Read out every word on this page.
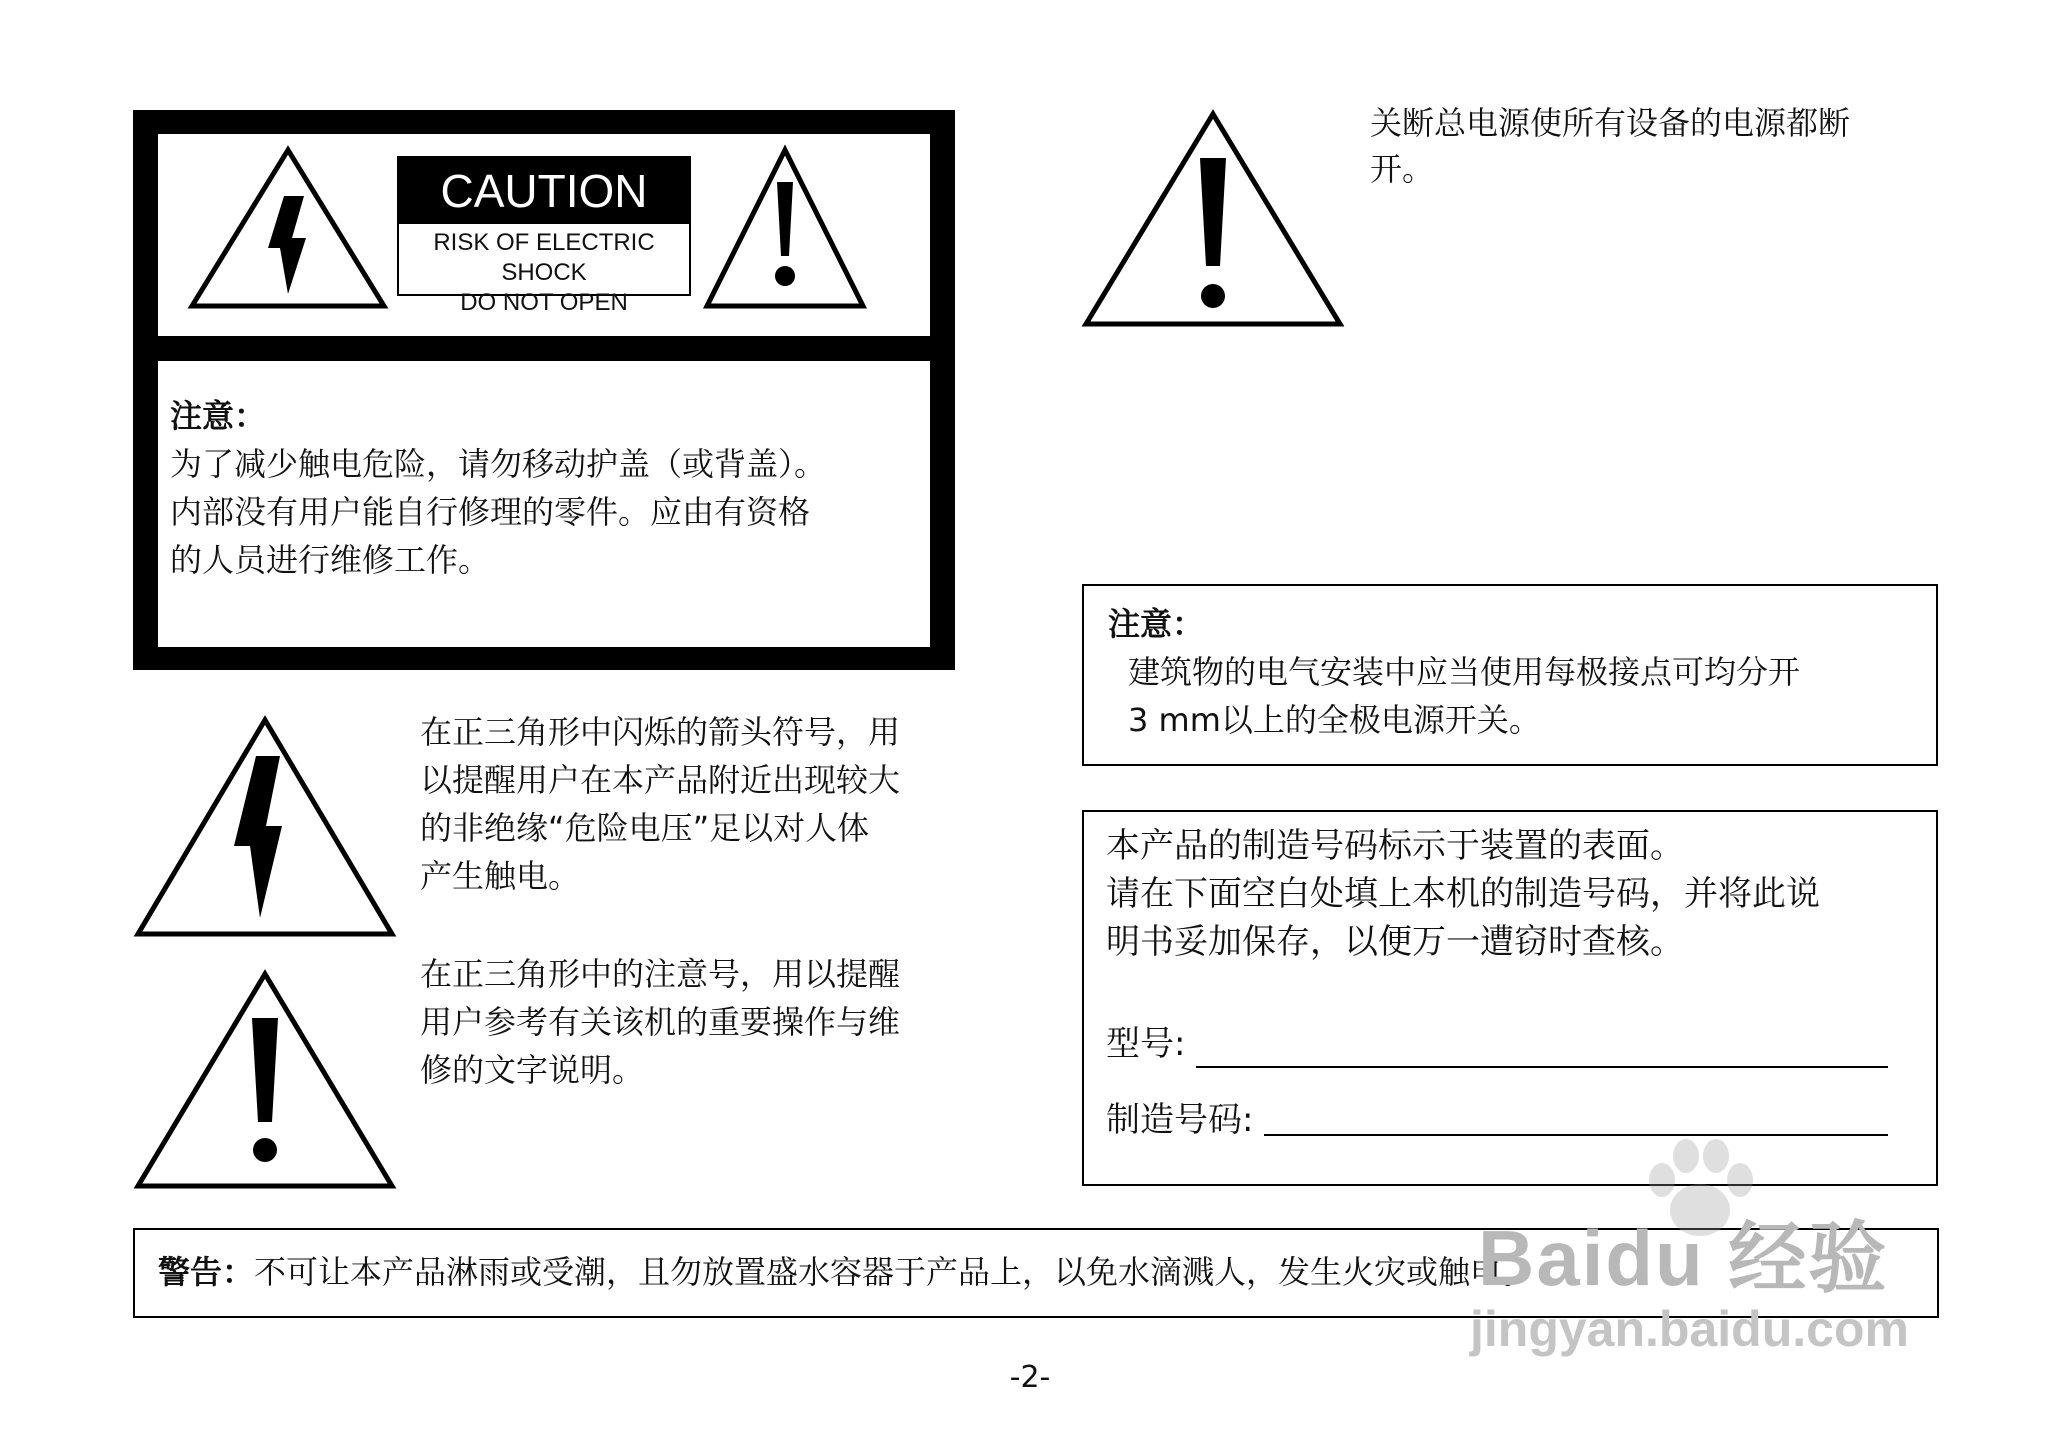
CAUTION
RISK OF ELECTRIC SHOCK
DO NOT OPEN
注意：
为了减少触电危险，请勿移动护盖（或背盖）。
内部没有用户能自行修理的零件。应由有资格
的人员进行维修工作。
在正三角形中闪烁的箭头符号，用
以提醒用户在本产品附近出现较大
的非绝缘“危险电压”足以对人体
产生触电。
在正三角形中的注意号，用以提醒
用户参考有关该机的重要操作与维
修的文字说明。
关断总电源使所有设备的电源都断
开。
注意：
建筑物的电气安装中应当使用每极接点可均分开
3 mm以上的全极电源开关。
本产品的制造号码标示于装置的表面。
请在下面空白处填上本机的制造号码，并将此说
明书妥加保存，以便万一遭窃时查核。
型号:
制造号码:
警告：不可让本产品淋雨或受潮，且勿放置盛水容器于产品上，以免水滴溅人，发生火灾或触电。
Baidu 经验
jingyan.baidu.com
-2-
